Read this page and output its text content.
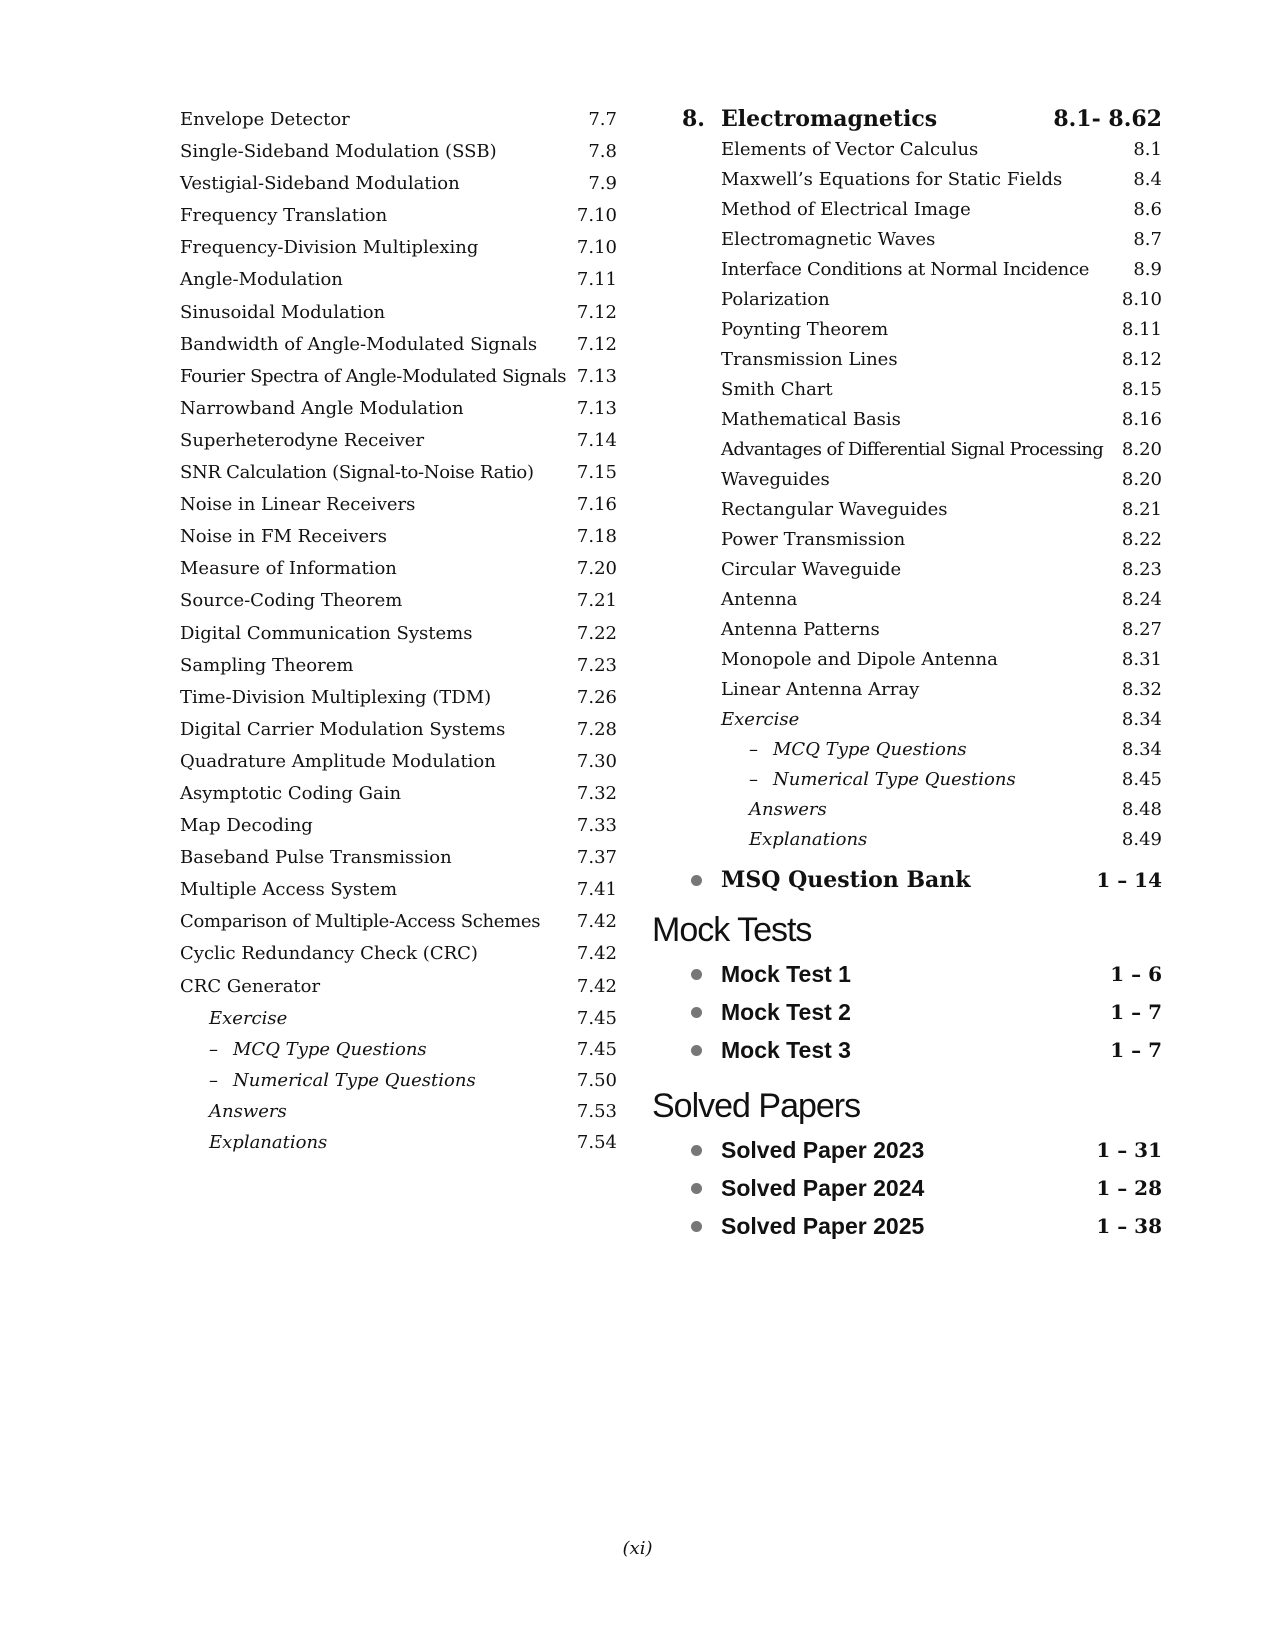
Envelope Detector	7.7
Single-Sideband Modulation (SSB)	7.8
Vestigial-Sideband Modulation	7.9
Frequency Translation	7.10
Frequency-Division Multiplexing	7.10
Angle-Modulation	7.11
Sinusoidal Modulation	7.12
Bandwidth of Angle-Modulated Signals 7.12
Fourier Spectra of Angle-Modulated Signals 7.13
Narrowband Angle Modulation	7.13
Superheterodyne Receiver	7.14
SNR Calculation (Signal-to-Noise Ratio) 7.15
Noise in Linear Receivers	7.16
Noise in FM Receivers	7.18
Measure of Information	7.20
Source-Coding Theorem	7.21
Digital Communication Systems	7.22
Sampling Theorem	7.23
Time-Division Multiplexing (TDM)	7.26
Digital Carrier Modulation Systems	7.28
Quadrature Amplitude Modulation	7.30
Asymptotic Coding Gain	7.32
Map Decoding	7.33
Baseband Pulse Transmission	7.37
Multiple Access System	7.41
Comparison of Multiple-Access Schemes 7.42
Cyclic Redundancy Check (CRC)	7.42
CRC Generator	7.42
Exercise	7.45
– MCQ Type Questions	7.45
– Numerical Type Questions	7.50
Answers	7.53
Explanations	7.54
8. Electromagnetics	8.1- 8.62
Elements of Vector Calculus	8.1
Maxwell’s Equations for Static Fields	8.4
Method of Electrical Image	8.6
Electromagnetic Waves	8.7
Interface Conditions at Normal Incidence 8.9
Polarization	8.10
Poynting Theorem	8.11
Transmission Lines	8.12
Smith Chart	8.15
Mathematical Basis	8.16
Advantages of Differential Signal Processing 8.20
Waveguides	8.20
Rectangular Waveguides	8.21
Power Transmission	8.22
Circular Waveguide	8.23
Antenna	8.24
Antenna Patterns	8.27
Monopole and Dipole Antenna	8.31
Linear Antenna Array	8.32
Exercise	8.34
– MCQ Type Questions	8.34
– Numerical Type Questions	8.45
Answers	8.48
Explanations	8.49
MSQ Question Bank	1 – 14
Mock Tests
Mock Test 1	1 – 6
Mock Test 2	1 – 7
Mock Test 3	1 – 7
Solved Papers
Solved Paper 2023	1 – 31
Solved Paper 2024	1 – 28
Solved Paper 2025	1 – 38
(xi)
